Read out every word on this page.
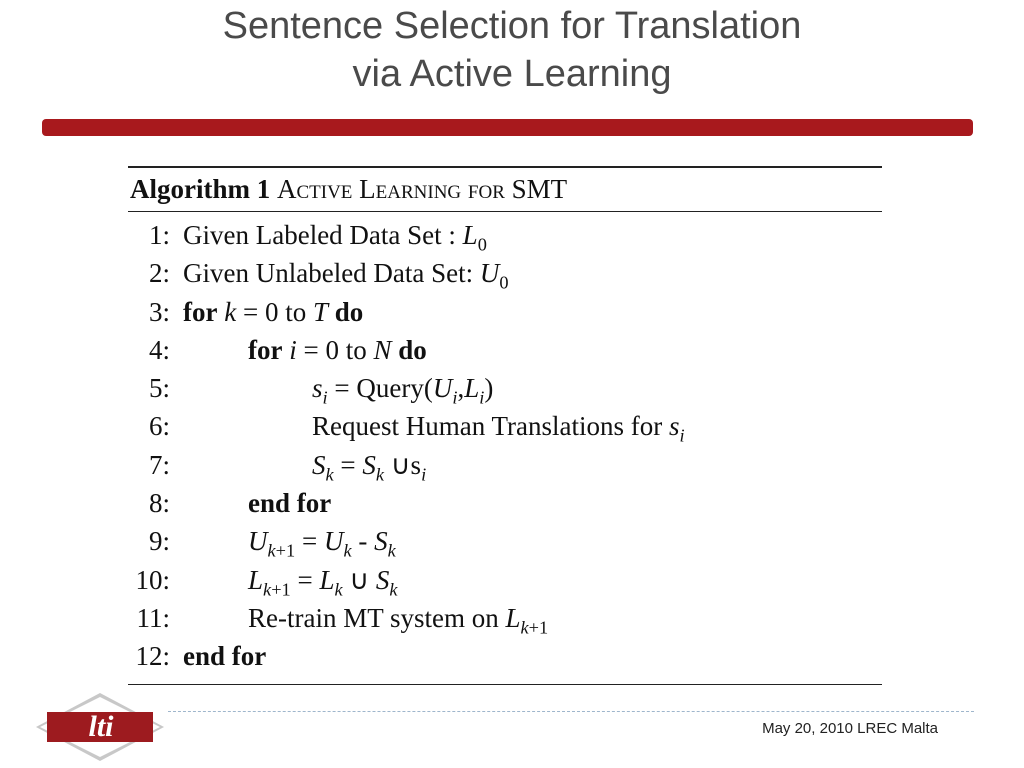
Sentence Selection for Translation
via Active Learning
Algorithm 1 Active Learning for SMT
1: Given Labeled Data Set : $L_0$
2: Given Unlabeled Data Set: $U_0$
3: for k = 0 to T do
4:	for i = 0 to N do
5:	$s_i$ = $Query(U_i,L_i)$
6:	Request Human Translations for $s_i$
7:	$S_k = S_k$ $\cup s_i$
8:	end for
9:	$U_{k+1} = U_k - S_k$
10:	$L_{k+1} = L_k$ ∪ $S_k$
11:	Re-train MT system on $L_{k+1}$
12: end for
lti	May 20, 2010 LREC Malta
